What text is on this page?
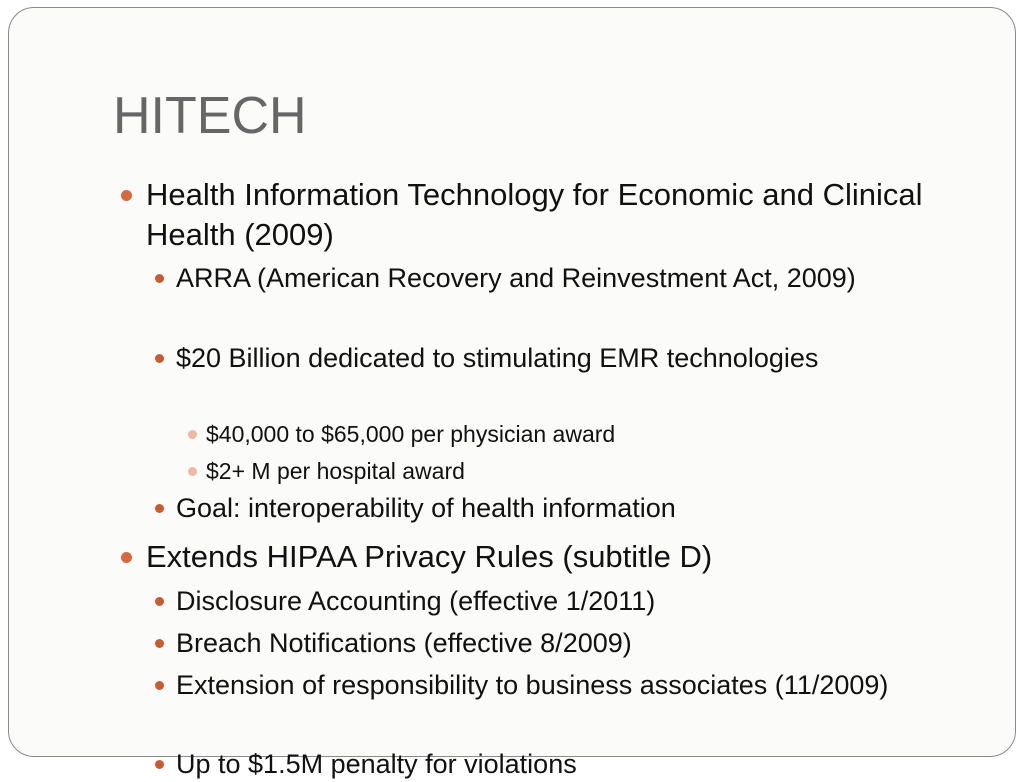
HITECH
Health Information Technology for Economic and Clinical Health (2009)
ARRA (American Recovery and Reinvestment Act, 2009)
$20 Billion dedicated to stimulating EMR technologies
$40,000 to $65,000 per physician award
$2+ M per hospital award
Goal: interoperability of health information
Extends HIPAA Privacy Rules (subtitle D)
Disclosure Accounting (effective 1/2011)
Breach Notifications (effective 8/2009)
Extension of responsibility to business associates (11/2009)
Up to $1.5M penalty for violations
